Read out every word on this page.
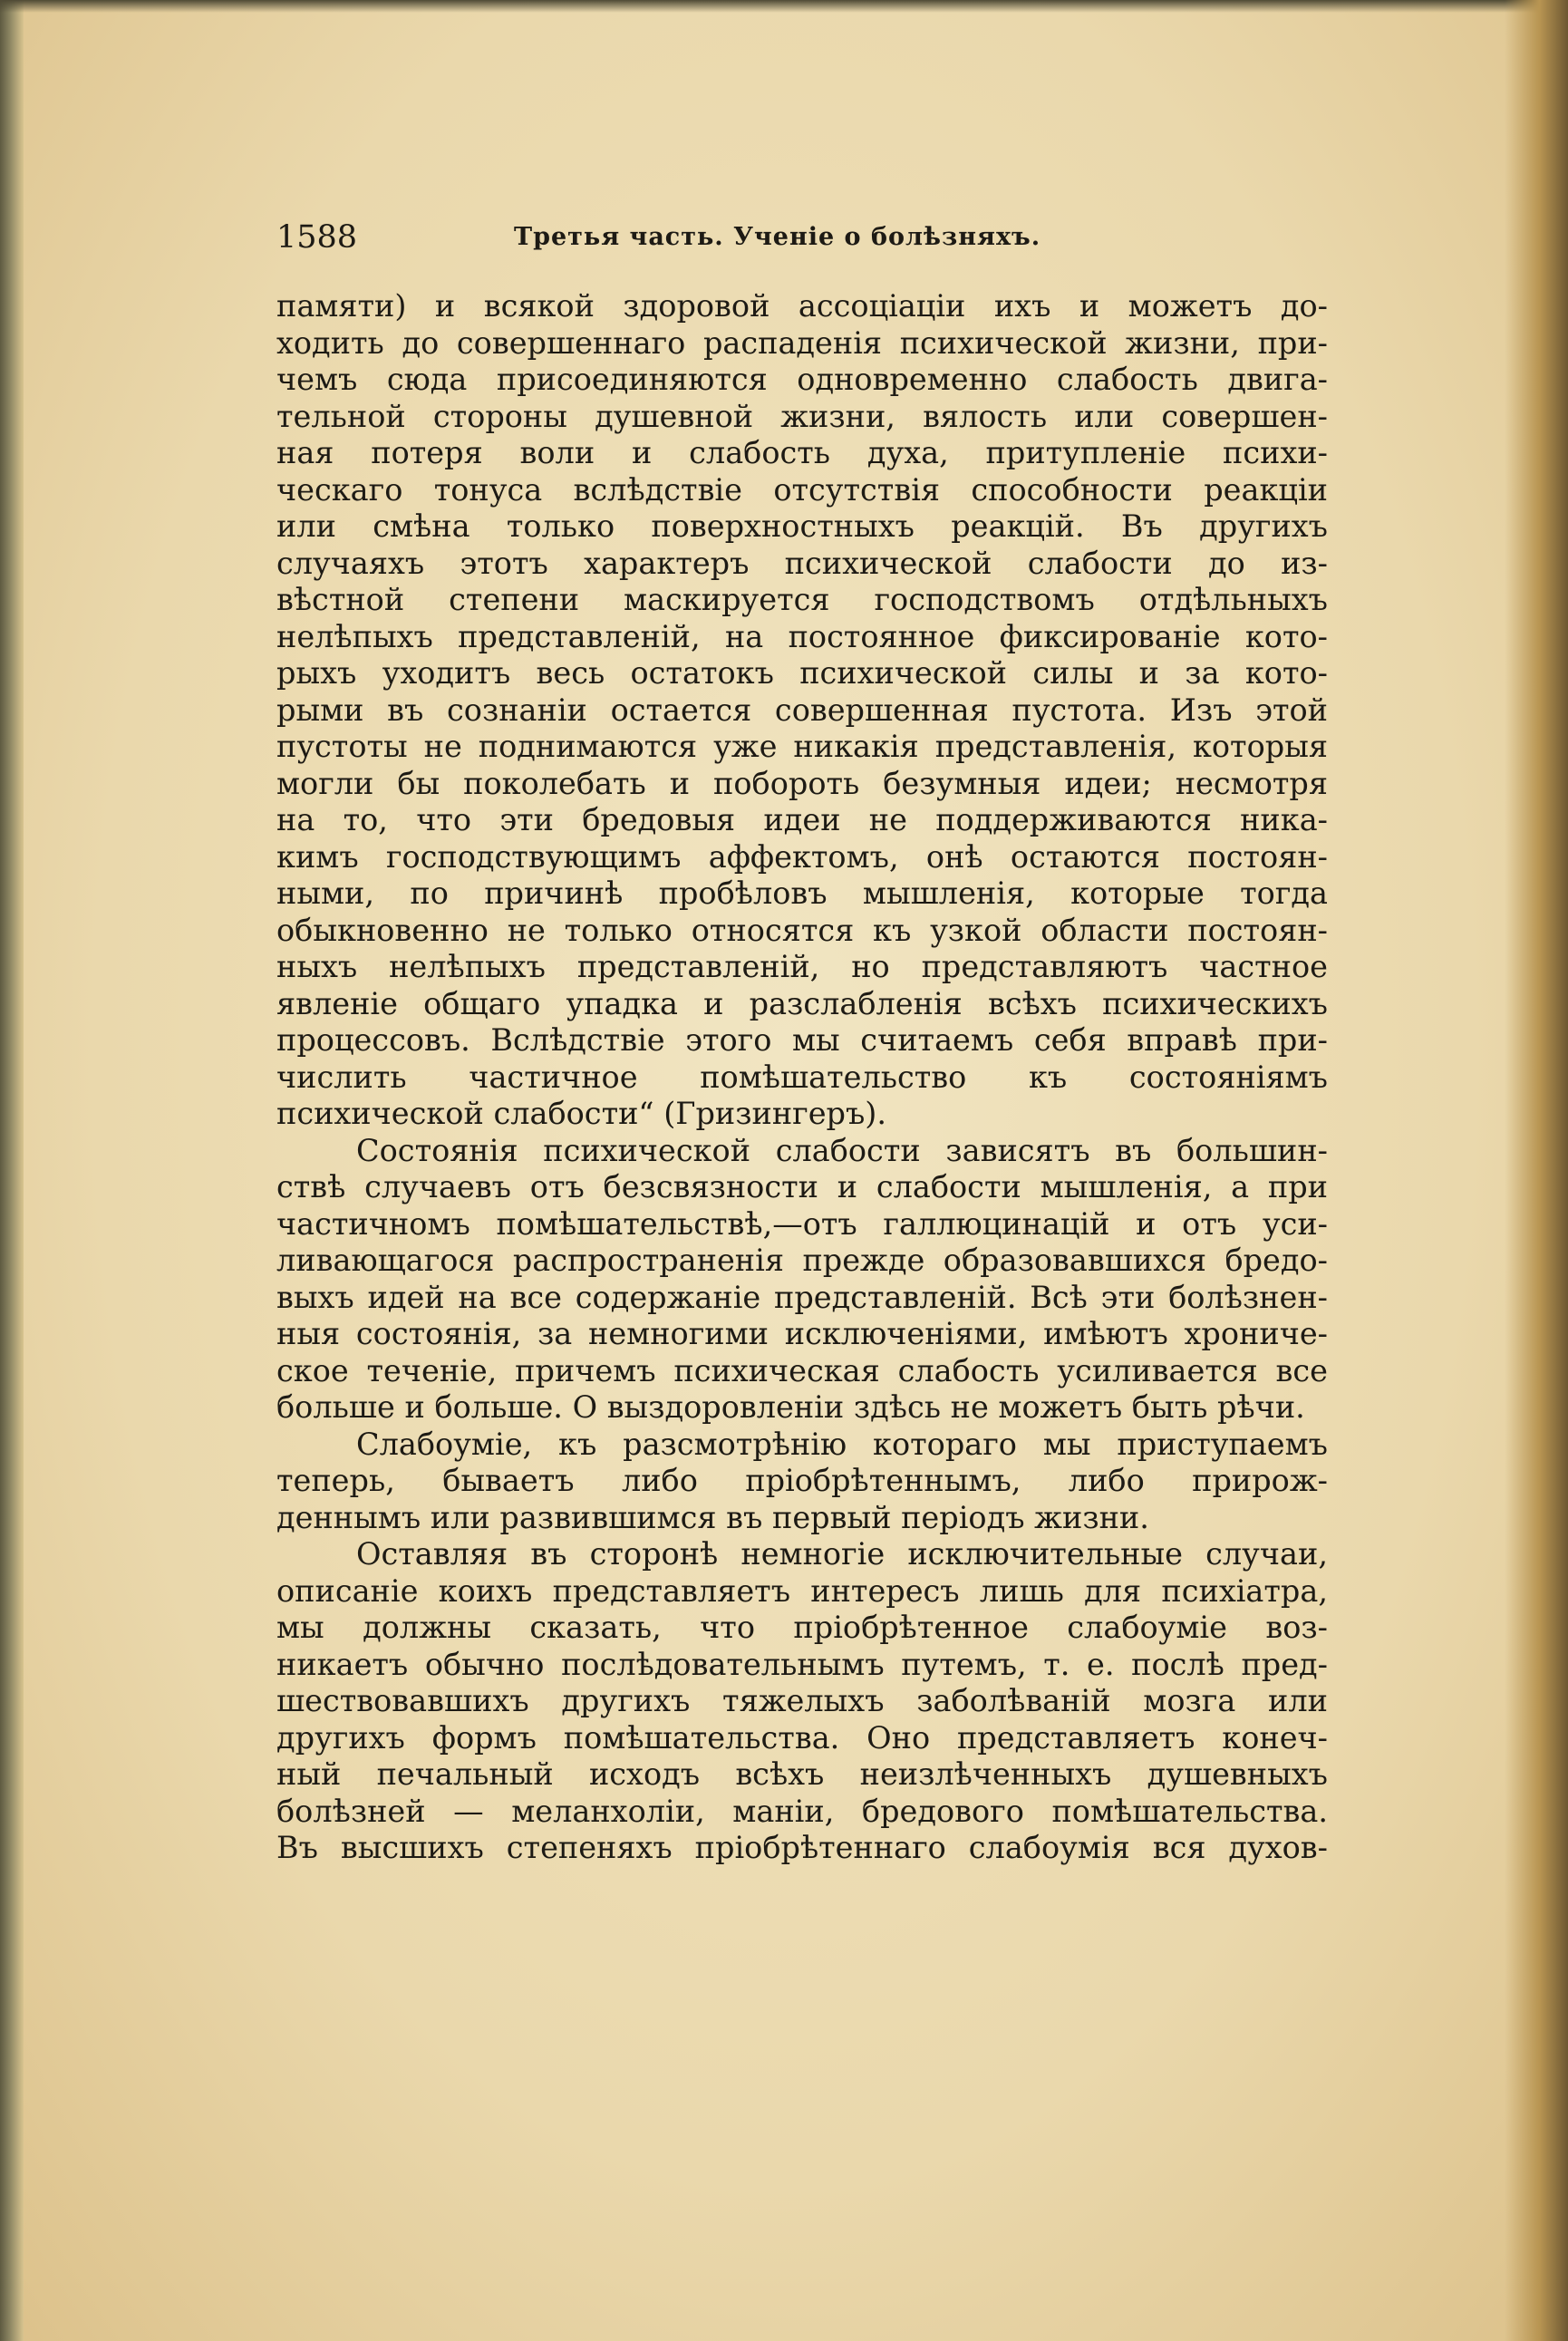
1588	Третья часть. Ученіе о болѣзняхъ.
памяти) и всякой здоровой ассоціаціи ихъ и можетъ до-
ходить до совершеннаго распаденія психической жизни, при-
чемъ сюда присоединяются одновременно слабость двига-
тельной стороны душевной жизни, вялость или совершен-
ная потеря воли и слабость духа, притупленіе психи-
ческаго тонуса вслѣдствіе отсутствія способности реакціи
или смѣна только поверхностныхъ реакцій. Въ другихъ
случаяхъ этотъ характеръ психической слабости до из-
вѣстной степени маскируется господствомъ отдѣльныхъ
нелѣпыхъ представленій, на постоянное фиксированіе кото-
рыхъ уходитъ весь остатокъ психической силы и за кото-
рыми въ сознаніи остается совершенная пустота. Изъ этой
пустоты не поднимаются уже никакія представленія, которыя
могли бы поколебать и побороть безумныя идеи; несмотря
на то, что эти бредовыя идеи не поддерживаются ника-
кимъ господствующимъ аффектомъ, онѣ остаются постоян-
ными, по причинѣ пробѣловъ мышленія, которые тогда
обыкновенно не только относятся къ узкой области постоян-
ныхъ нелѣпыхъ представленій, но представляютъ частное
явленіе общаго упадка и разслабленія всѣхъ психическихъ
процессовъ. Вслѣдствіе этого мы считаемъ себя вправѣ при-
числить частичное помѣшательство къ состояніямъ
психической слабости“ (Гризингеръ).
Состоянія психической слабости зависятъ въ большин-
ствѣ случаевъ отъ безсвязности и слабости мышленія, а при
частичномъ помѣшательствѣ,—отъ галлюцинацій и отъ уси-
ливающагося распространенія прежде образовавшихся бредо-
выхъ идей на все содержаніе представленій. Всѣ эти болѣзнен-
ныя состоянія, за немногими исключеніями, имѣютъ хрониче-
ское теченіе, причемъ психическая слабость усиливается все
больше и больше. О выздоровленіи здѣсь не можетъ быть рѣчи.
Слабоуміе, къ разсмотрѣнію котораго мы приступаемъ
теперь, бываетъ либо пріобрѣтеннымъ, либо прирож-
деннымъ или развившимся въ первый періодъ жизни.
Оставляя въ сторонѣ немногіе исключительные случаи,
описаніе коихъ представляетъ интересъ лишь для психіатра,
мы должны сказать, что пріобрѣтенное слабоуміе воз-
никаетъ обычно послѣдовательнымъ путемъ, т. е. послѣ пред-
шествовавшихъ другихъ тяжелыхъ заболѣваній мозга или
другихъ формъ помѣшательства. Оно представляетъ конеч-
ный печальный исходъ всѣхъ неизлѣченныхъ душевныхъ
болѣзней — меланхоліи, маніи, бредового помѣшательства.
Въ высшихъ степеняхъ пріобрѣтеннаго слабоумія вся духов-
